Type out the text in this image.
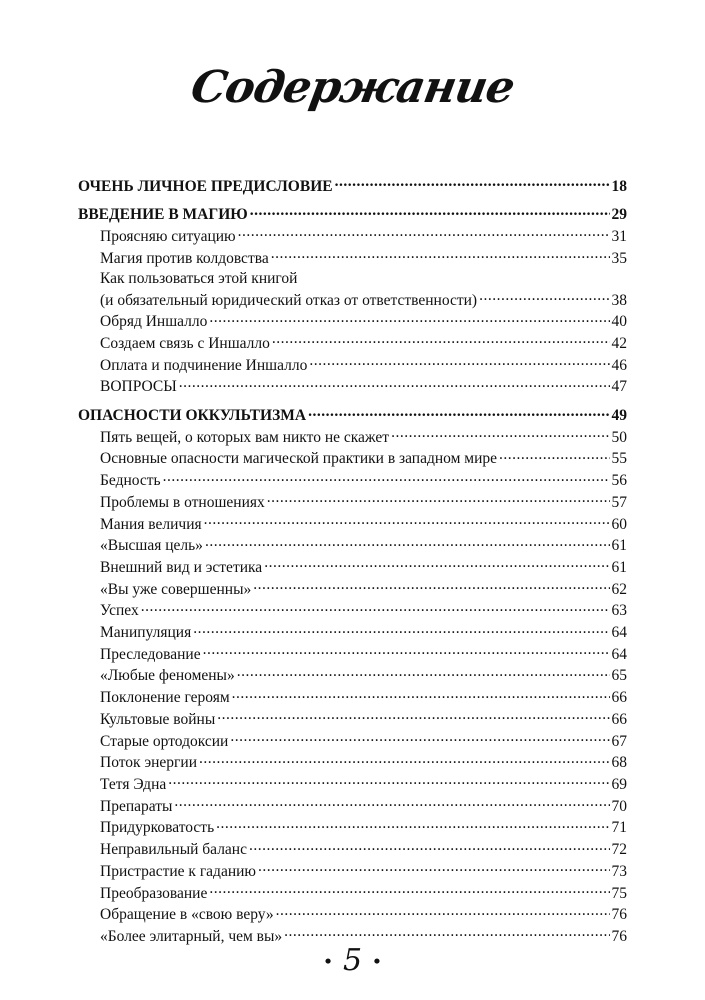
Содержание
ОЧЕНЬ ЛИЧНОЕ ПРЕДИСЛОВИЕ .....	18
ВВЕДЕНИЕ В МАГИЮ .....	29
Проясняю ситуацию .....	31
Магия против колдовства .....	35
Как пользоваться этой книгой
(и обязательный юридический отказ от ответственности) .....	38
Обряд Иншалло .....	40
Создаем связь с Иншалло .....	42
Оплата и подчинение Иншалло .....	46
ВОПРОСЫ .....	47
ОПАСНОСТИ ОККУЛЬТИЗМА .....	49
Пять вещей, о которых вам никто не скажет .....	50
Основные опасности магической практики в западном мире .....	55
Бедность .....	56
Проблемы в отношениях .....	57
Мания величия .....	60
«Высшая цель» .....	61
Внешний вид и эстетика .....	61
«Вы уже совершенны» .....	62
Успех .....	63
Манипуляция .....	64
Преследование .....	64
«Любые феномены» .....	65
Поклонение героям .....	66
Культовые войны .....	66
Старые ортодоксии .....	67
Поток энергии .....	68
Тетя Эдна .....	69
Препараты .....	70
Придурковатость .....	71
Неправильный баланс .....	72
Пристрастие к гаданию .....	73
Преобразование .....	75
Обращение в «свою веру» .....	76
«Более элитарный, чем вы» .....	76
• 5 •
